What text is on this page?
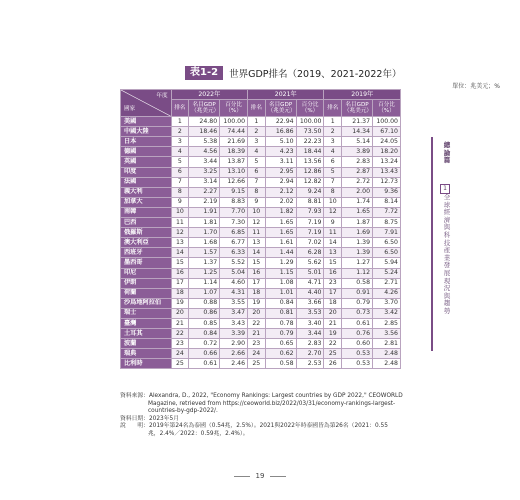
表1-2	世界GDP排名（2019、2021-2022年）
單位：兆美元；%
年度
國家	2022年			2021年			2019年		
	排名	名目GDP（兆美元）	百分比（%）	排名	名目GDP（兆美元）	百分比（%）	排名	名目GDP（兆美元）	百分比（%）
美國	1	24.80	100.00	1	22.94	100.00	1	21.37	100.00
中國大陸	2	18.46	74.44	2	16.86	73.50	2	14.34	67.10
日本	3	5.38	21.69	3	5.10	22.23	3	5.14	24.05
德國	4	4.56	18.39	4	4.23	18.44	4	3.89	18.20
英國	5	3.44	13.87	5	3.11	13.56	6	2.83	13.24
印度	6	3.25	13.10	6	2.95	12.86	5	2.87	13.43
法國	7	3.14	12.66	7	2.94	12.82	7	2.72	12.73
義大利	8	2.27	9.15	8	2.12	9.24	8	2.00	9.36
加拿大	9	2.19	8.83	9	2.02	8.81	10	1.74	8.14
南韓	10	1.91	7.70	10	1.82	7.93	12	1.65	7.72
巴西	11	1.81	7.30	12	1.65	7.19	9	1.87	8.75
俄羅斯	12	1.70	6.85	11	1.65	7.19	11	1.69	7.91
澳大利亞	13	1.68	6.77	13	1.61	7.02	14	1.39	6.50
西班牙	14	1.57	6.33	14	1.44	6.28	13	1.39	6.50
墨西哥	15	1.37	5.52	15	1.29	5.62	15	1.27	5.94
印尼	16	1.25	5.04	16	1.15	5.01	16	1.12	5.24
伊朗	17	1.14	4.60	17	1.08	4.71	23	0.58	2.71
荷蘭	18	1.07	4.31	18	1.01	4.40	17	0.91	4.26
沙烏地阿拉伯	19	0.88	3.55	19	0.84	3.66	18	0.79	3.70
瑞士	20	0.86	3.47	20	0.81	3.53	20	0.73	3.42
臺灣	21	0.85	3.43	22	0.78	3.40	21	0.61	2.85
土耳其	22	0.84	3.39	21	0.79	3.44	19	0.76	3.56
波蘭	23	0.72	2.90	23	0.65	2.83	22	0.60	2.81
瑞典	24	0.66	2.66	24	0.62	2.70	25	0.53	2.48
比利時	25	0.61	2.46	25	0.58	2.53	26	0.53	2.48

資料來源：Alexandra, D., 2022, "Economy Rankings: Largest countries by GDP 2022," CEOWORLD

Magazine, retrieved from https://ceoworld.biz/2022/03/31/economy-rankings-largest-

countries-by-gdp-2022/.

資料日期：2023年5月

說　　明：2019年第24名為泰國（0.54兆，2.5%）。2021與2022年時泰國皆為第26名（2021：0.55

兆，2.4%／2022：0.59兆，2.4%）。

19
總論篇
1
全球經濟與科技產業發展現況與趨勢
